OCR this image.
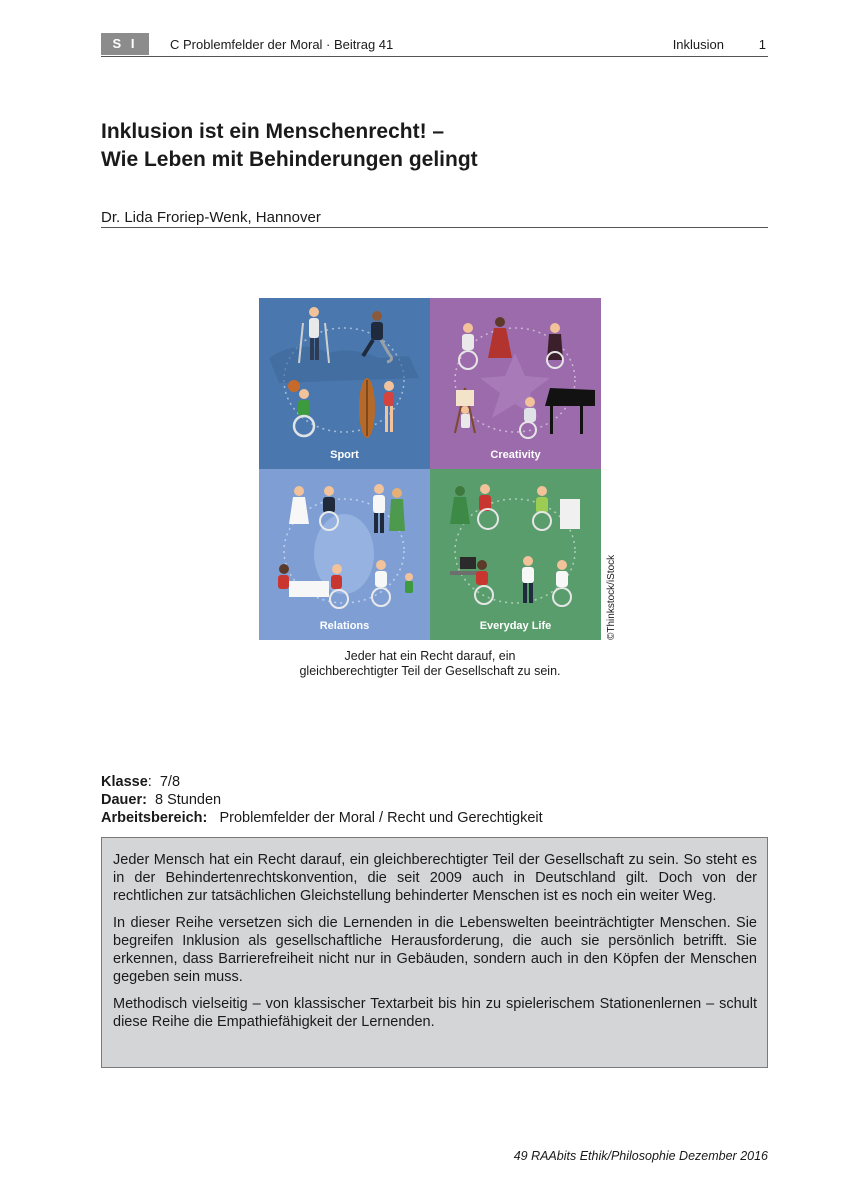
S I	C Problemfelder der Moral · Beitrag 41	Inklusion	1
Inklusion ist ein Menschenrecht! –
Wie Leben mit Behinderungen gelingt
Dr. Lida Froriep-Wenk, Hannover
Sport	Creativity
Relations	Everyday Life	©Thinkstock/iStock
Jeder hat ein Recht darauf, ein
gleichberechtigter Teil der Gesellschaft zu sein.
Klasse:  7/8
Dauer: 8 Stunden
Arbeitsbereich: Problemfelder der Moral / Recht und Gerechtigkeit

Jeder Mensch hat ein Recht darauf, ein gleichberechtigter Teil der Gesellschaft zu sein. So steht es in der Behindertenrechtskonvention, die seit 2009 auch in Deutschland gilt. Doch von der rechtlichen zur tatsächlichen Gleichstellung behinderter Menschen ist es noch ein weiter Weg.

In dieser Reihe versetzen sich die Lernenden in die Lebenswelten beeinträchtigter Menschen. Sie begreifen Inklusion als gesellschaftliche Herausforderung, die auch sie persönlich betrifft. Sie erkennen, dass Barrierefreiheit nicht nur in Gebäuden, sondern auch in den Köpfen der Menschen gegeben sein muss.

Methodisch vielseitig – von klassischer Textarbeit bis hin zu spielerischem Stationenlernen – schult diese Reihe die Empathiefähigkeit der Lernenden.

49 RAAbits Ethik/Philosophie Dezember 2016
